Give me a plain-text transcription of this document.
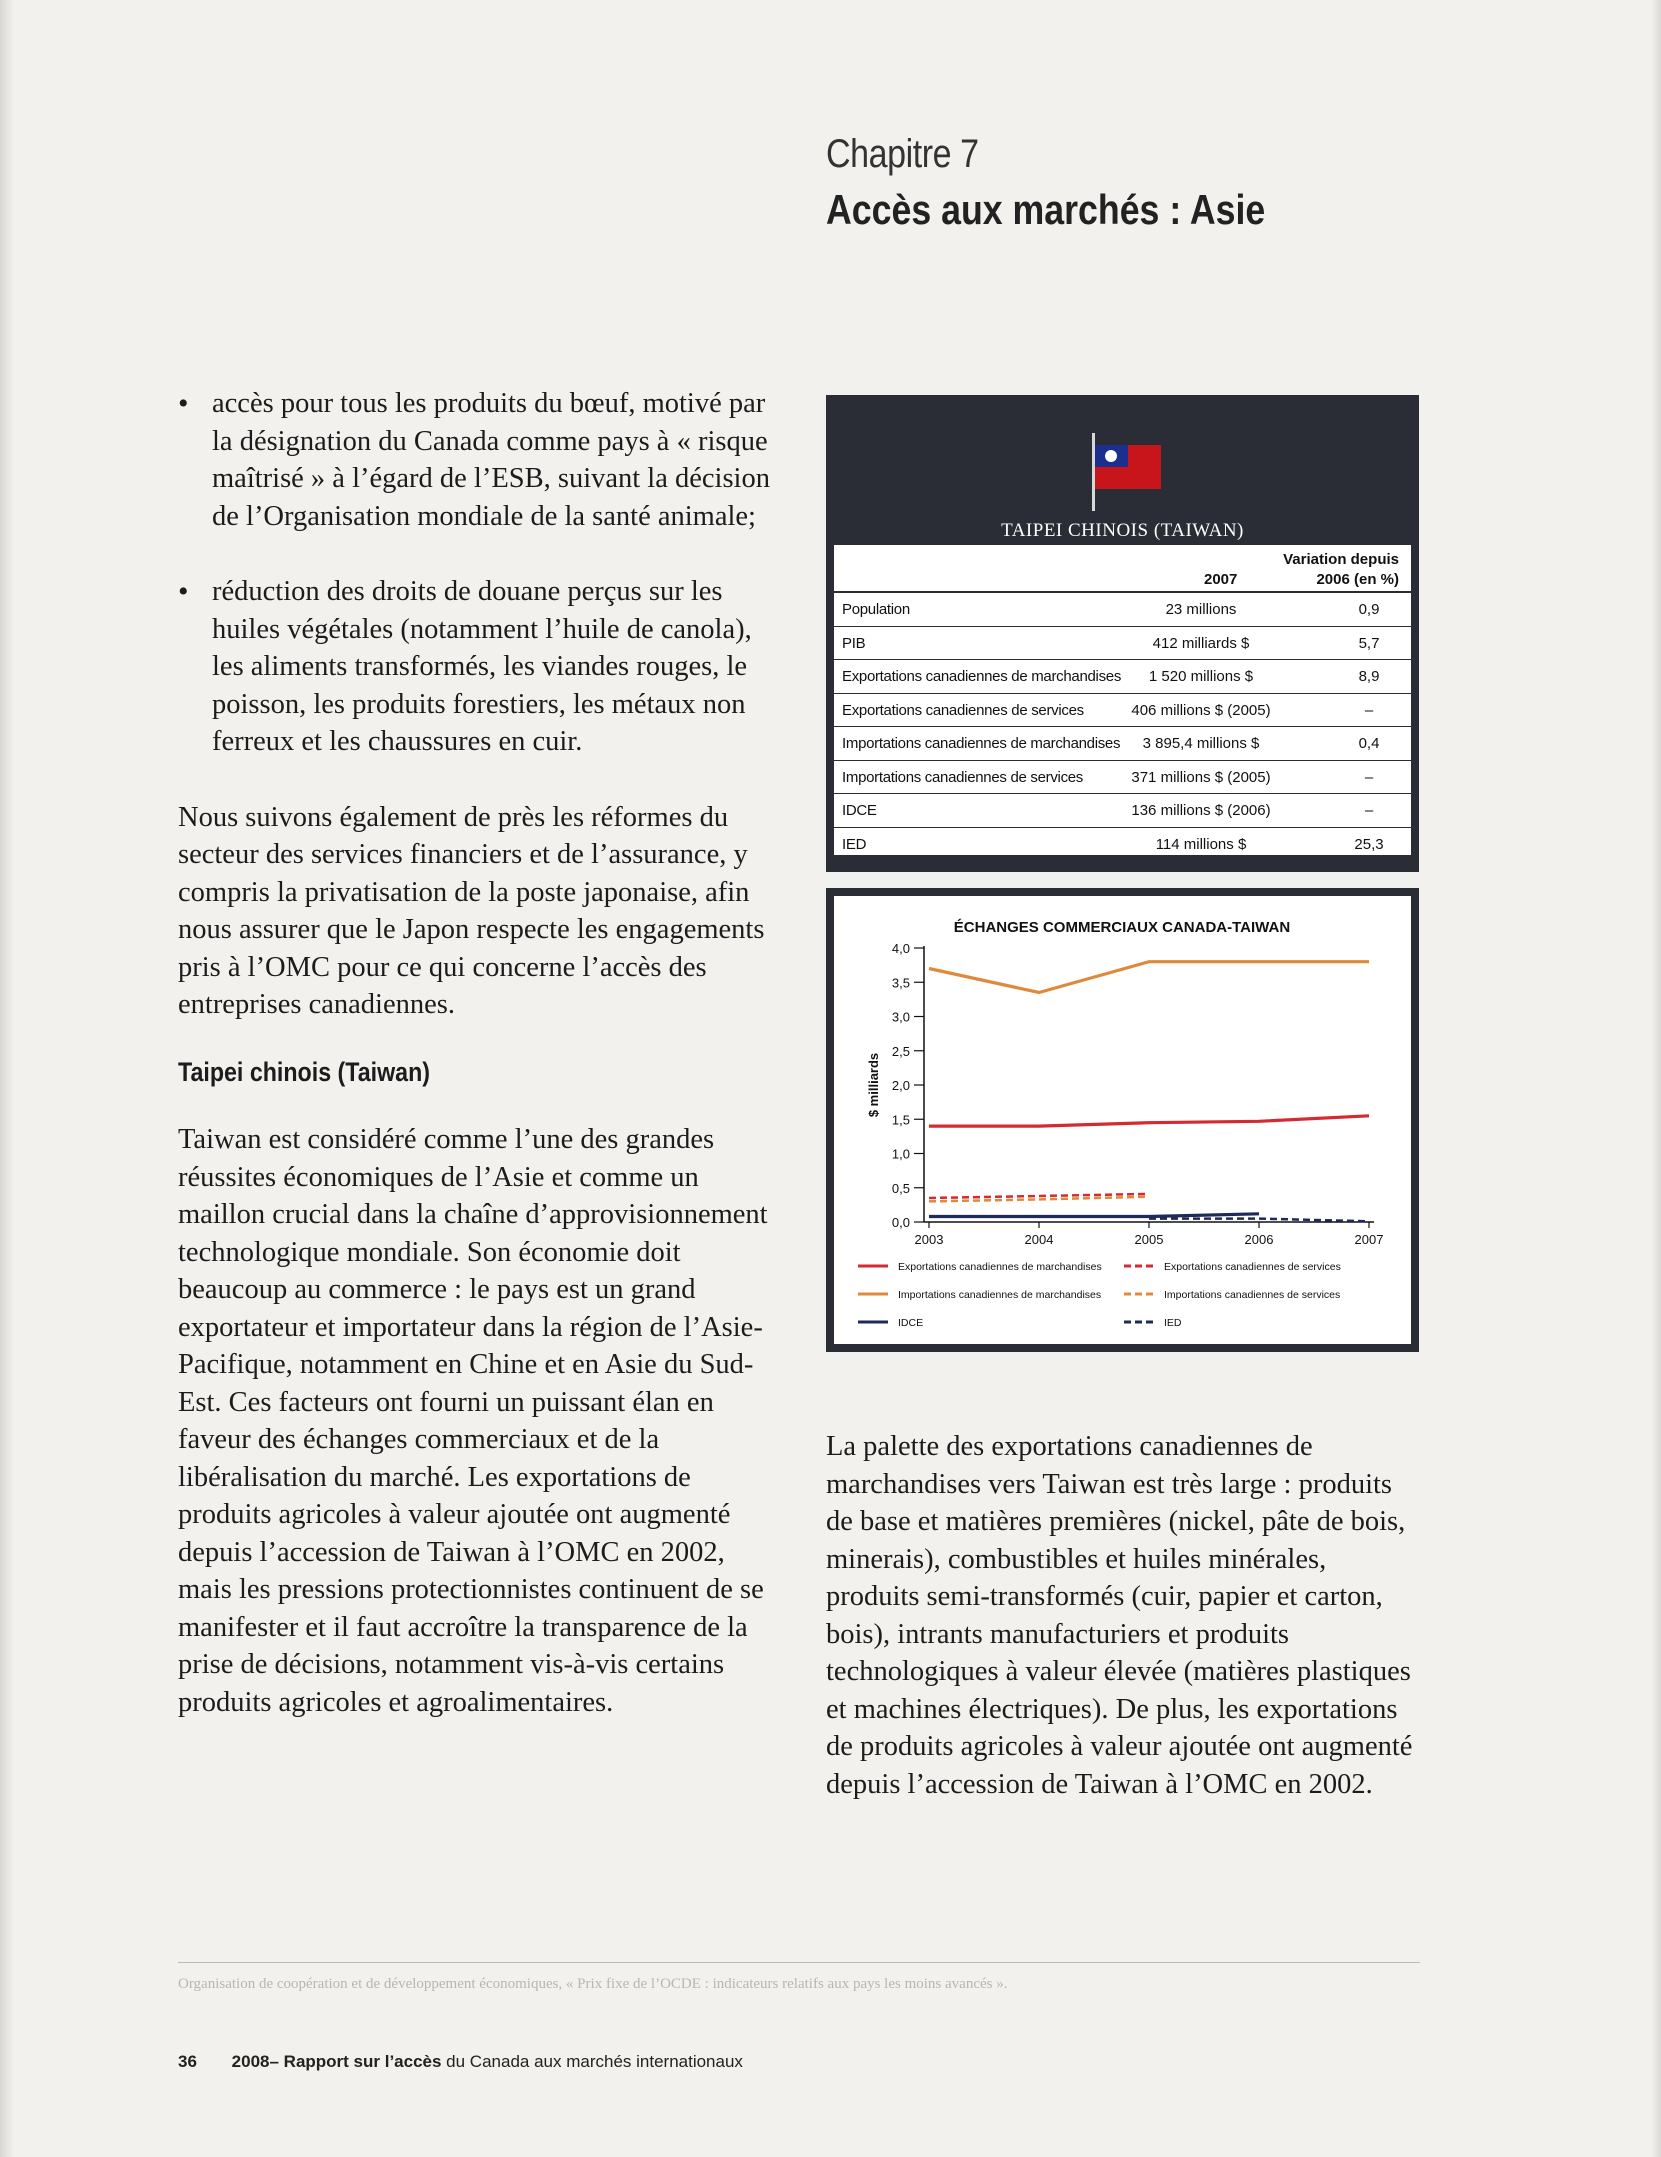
Chapitre 7
Accès aux marchés : Asie
• accès pour tous les produits du bœuf, motivé par la désignation du Canada comme pays à « risque maîtrisé » à l’égard de l’ESB, suivant la décision de l’Organisation mondiale de la santé animale;
• réduction des droits de douane perçus sur les huiles végétales (notamment l’huile de canola), les aliments transformés, les viandes rouges, le poisson, les produits forestiers, les métaux non ferreux et les chaussures en cuir.

Nous suivons également de près les réformes du secteur des services financiers et de l’assurance, y compris la privatisation de la poste japonaise, afin nous assurer que le Japon respecte les engagements pris à l’OMC pour ce qui concerne l’accès des entreprises canadiennes.

Taipei chinois (Taiwan)

Taiwan est considéré comme l’une des grandes réussites économiques de l’Asie et comme un maillon crucial dans la chaîne d’approvisionnement technologique mondiale. Son économie doit beaucoup au commerce : le pays est un grand exportateur et importateur dans la région de l’Asie-Pacifique, notamment en Chine et en Asie du Sud-Est. Ces facteurs ont fourni un puissant élan en faveur des échanges commerciaux et de la libéralisation du marché. Les exportations de produits agricoles à valeur ajoutée ont augmenté depuis l’accession de Taiwan à l’OMC en 2002, mais les pressions protectionnistes continuent de se manifester et il faut accroître la transparence de la prise de décisions, notamment vis-à-vis certains produits agricoles et agroalimentaires.

TAIPEI CHINOIS (TAIWAN)
2007
Variation depuis
2006 (en %)
Population	23 millions	0,9
PIB	412 milliards $	5,7
Exportations canadiennes de marchandises	1 520 millions $	8,9
Exportations canadiennes de services	406 millions $ (2005)	–
Importations canadiennes de marchandises	3 895,4 millions $	0,4
Importations canadiennes de services	371 millions $ (2005)	–
IDCE	136 millions $ (2006)	–
IED	114 millions $	25,3
ÉCHANGES COMMERCIAUX CANADA-TAIWAN
0,0
0,5
1,0
1,5
2,0
2,5
3,0
3,5
4,0
2003	2004	2005	2006	2007
$ milliards
Exportations canadiennes de marchandises	Exportations canadiennes de services
Importations canadiennes de marchandises	Importations canadiennes de services
IDCE	IED

La palette des exportations canadiennes de marchandises vers Taiwan est très large : produits de base et matières premières (nickel, pâte de bois, minerais), combustibles et huiles minérales, produits semi-transformés (cuir, papier et carton, bois), intrants manufacturiers et produits technologiques à valeur élevée (matières plastiques et machines électriques). De plus, les exportations de produits agricoles à valeur ajoutée ont augmenté depuis l’accession de Taiwan à l’OMC en 2002.

Organisation de coopération et de développement économiques, « Prix fixe de l’OCDE : indicateurs relatifs aux pays les moins avancés ».
36 2008– Rapport sur l’accès du Canada aux marchés internationaux
